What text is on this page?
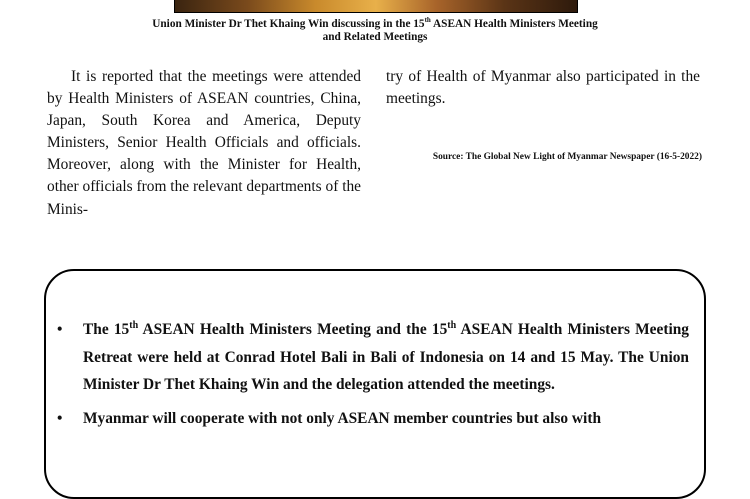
Union Minister Dr Thet Khaing Win discussing in the 15th ASEAN Health Ministers Meeting and Related Meetings

It is reported that the meetings were attended by Health Ministers of ASEAN countries, China, Japan, South Korea and America, Deputy Ministers, Senior Health Officials and officials. Moreover, along with the Minister for Health, other officials from the relevant departments of the Minis-

try of Health of Myanmar also participated in the meetings.

Source: The Global New Light of Myanmar Newspaper (16-5-2022)
• The 15th ASEAN Health Ministers Meeting and the 15th ASEAN Health Ministers Meeting Retreat were held at Conrad Hotel Bali in Bali of Indonesia on 14 and 15 May. The Union Minister Dr Thet Khaing Win and the delegation attended the meetings.
• Myanmar will cooperate with not only ASEAN member countries but also with
